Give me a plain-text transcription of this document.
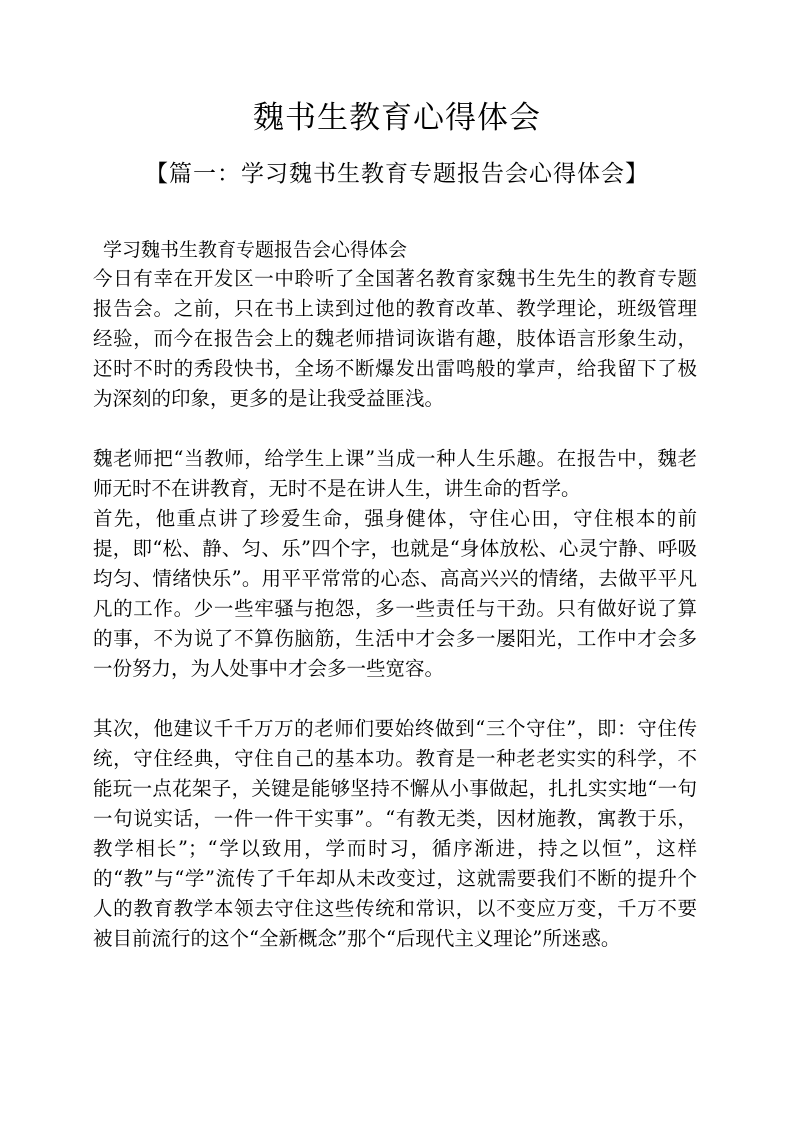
魏书生教育心得体会
【篇一：学习魏书生教育专题报告会心得体会】
学习魏书生教育专题报告会心得体会

今日有幸在开发区一中聆听了全国著名教育家魏书生先生的教育专题报告会。之前，只在书上读到过他的教育改革、教学理论，班级管理经验，而今在报告会上的魏老师措词诙谐有趣，肢体语言形象生动，还时不时的秀段快书，全场不断爆发出雷鸣般的掌声，给我留下了极为深刻的印象，更多的是让我受益匪浅。

魏老师把“当教师，给学生上课”当成一种人生乐趣。在报告中，魏老师无时不在讲教育，无时不是在讲人生，讲生命的哲学。

首先，他重点讲了珍爱生命，强身健体，守住心田，守住根本的前提，即“松、静、匀、乐”四个字，也就是“身体放松、心灵宁静、呼吸均匀、情绪快乐”。用平平常常的心态、高高兴兴的情绪，去做平平凡凡的工作。少一些牢骚与抱怨，多一些责任与干劲。只有做好说了算的事，不为说了不算伤脑筋，生活中才会多一屡阳光，工作中才会多一份努力，为人处事中才会多一些宽容。

其次，他建议千千万万的老师们要始终做到“三个守住”，即：守住传统，守住经典，守住自己的基本功。教育是一种老老实实的科学，不能玩一点花架子，关键是能够坚持不懈从小事做起，扎扎实实地“一句一句说实话，一件一件干实事”。“有教无类，因材施教，寓教于乐，教学相长”；“学以致用，学而时习，循序渐进，持之以恒”，这样的“教”与“学”流传了千年却从未改变过，这就需要我们不断的提升个人的教育教学本领去守住这些传统和常识，以不变应万变，千万不要被目前流行的这个“全新概念”那个“后现代主义理论”所迷惑。
